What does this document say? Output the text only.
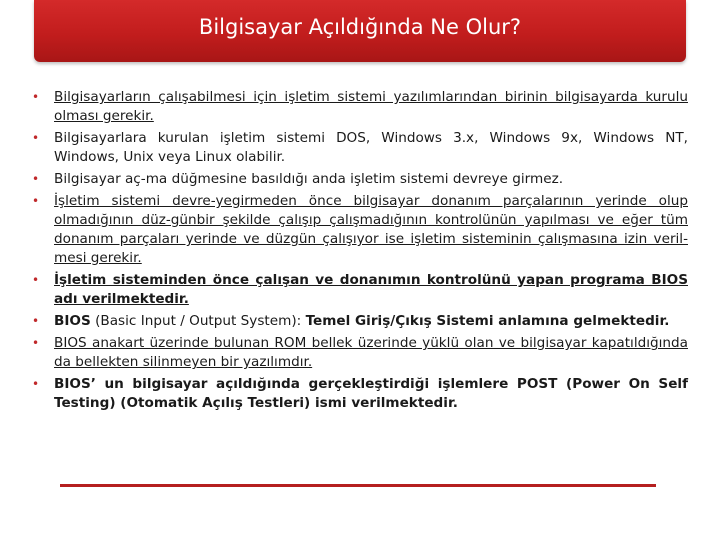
Bilgisayar Açıldığında Ne Olur?
• Bilgisayarların çalışabilmesi için işletim sistemi yazılımlarından birinin bilgisayarda kurulu olması gerekir.
• Bilgisayarlara kurulan işletim sistemi DOS, Windows 3.x, Windows 9x, Windows NT, Windows, Unix veya Linux olabilir.
• Bilgisayar aç-ma düğmesine basıldığı anda işletim sistemi devreye girmez.
• İşletim sistemi devre-yegirmeden önce bilgisayar donanım parçalarının yerinde olup olmadığının düz-günbir şekilde çalışıp çalışmadığının kontrolünün yapılması ve eğer tüm donanım parçaları yerinde ve düzgün çalışıyor ise işletim sisteminin çalışmasına izin veril-mesi gerekir.
• İşletim sisteminden önce çalışan ve donanımın kontrolünü yapan programa BIOS adı verilmektedir.
• BIOS (Basic Input / Output System): Temel Giriş/Çıkış Sistemi anlamına gelmektedir.
• BIOS anakart üzerinde bulunan ROM bellek üzerinde yüklü olan ve bilgisayar kapatıldığında da bellekten silinmeyen bir yazılımdır.
• BIOS’ un bilgisayar açıldığında gerçekleştirdiği işlemlere POST (Power On Self Testing) (Otomatik Açılış Testleri) ismi verilmektedir.
